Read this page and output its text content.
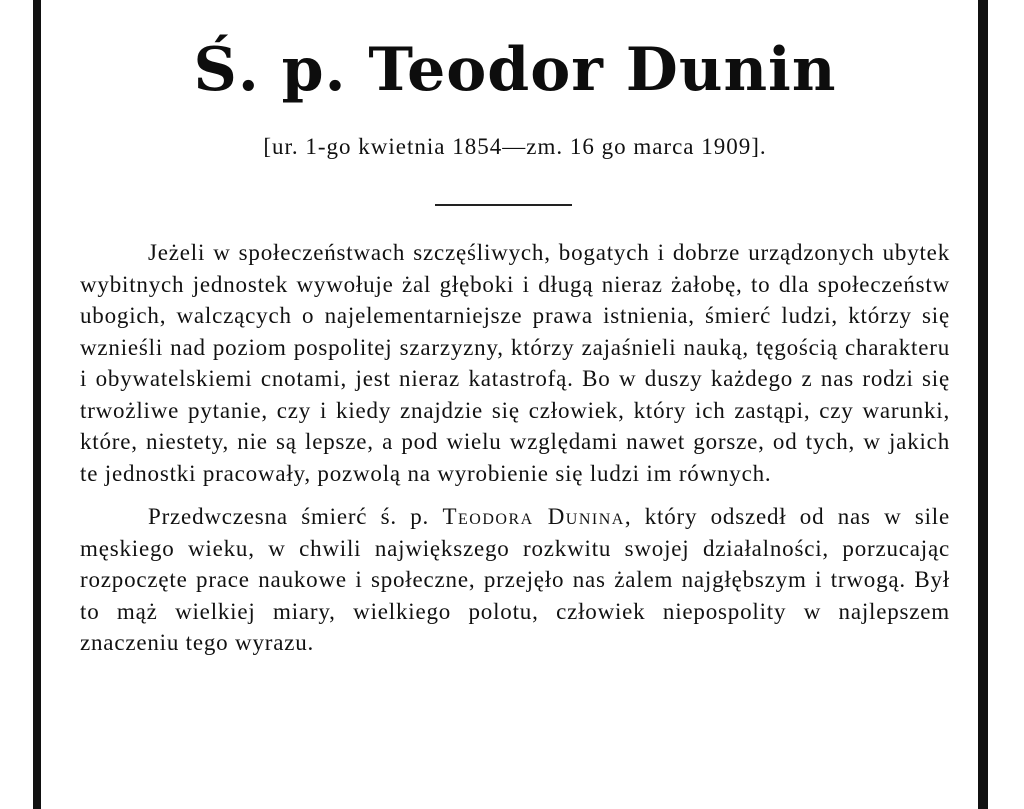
Ś. p. Teodor Dunin

[ur. 1-go kwietnia 1854—zm. 16 go marca 1909].

Jeżeli w społeczeństwach szczęśliwych, bogatych i dobrze urządzonych ubytek wybitnych jednostek wywołuje żal głęboki i długą nieraz żałobę, to dla społeczeństw ubogich, walczących o najelementarniejsze prawa istnienia, śmierć ludzi, którzy się wznieśli nad poziom pospolitej szarzyzny, którzy zajaśnieli nauką, tęgością charakteru i obywatelskiemi cnotami, jest nieraz katastrofą. Bo w duszy każdego z nas rodzi się trwożliwe pytanie, czy i kiedy znajdzie się człowiek, który ich zastąpi, czy warunki, które, niestety, nie są lepsze, a pod wielu względami nawet gorsze, od tych, w jakich te jednostki pracowały, pozwolą na wyrobienie się ludzi im równych.

Przedwczesna śmierć ś. p. Teodora Dunina, który odszedł od nas w sile męskiego wieku, w chwili największego rozkwitu swojej działalności, porzucając rozpoczęte prace naukowe i społeczne, przejęło nas żalem najgłębszym i trwogą. Był to mąż wielkiej miary, wielkiego polotu, człowiek niepospolity w najlepszem znaczeniu tego wyrazu.
